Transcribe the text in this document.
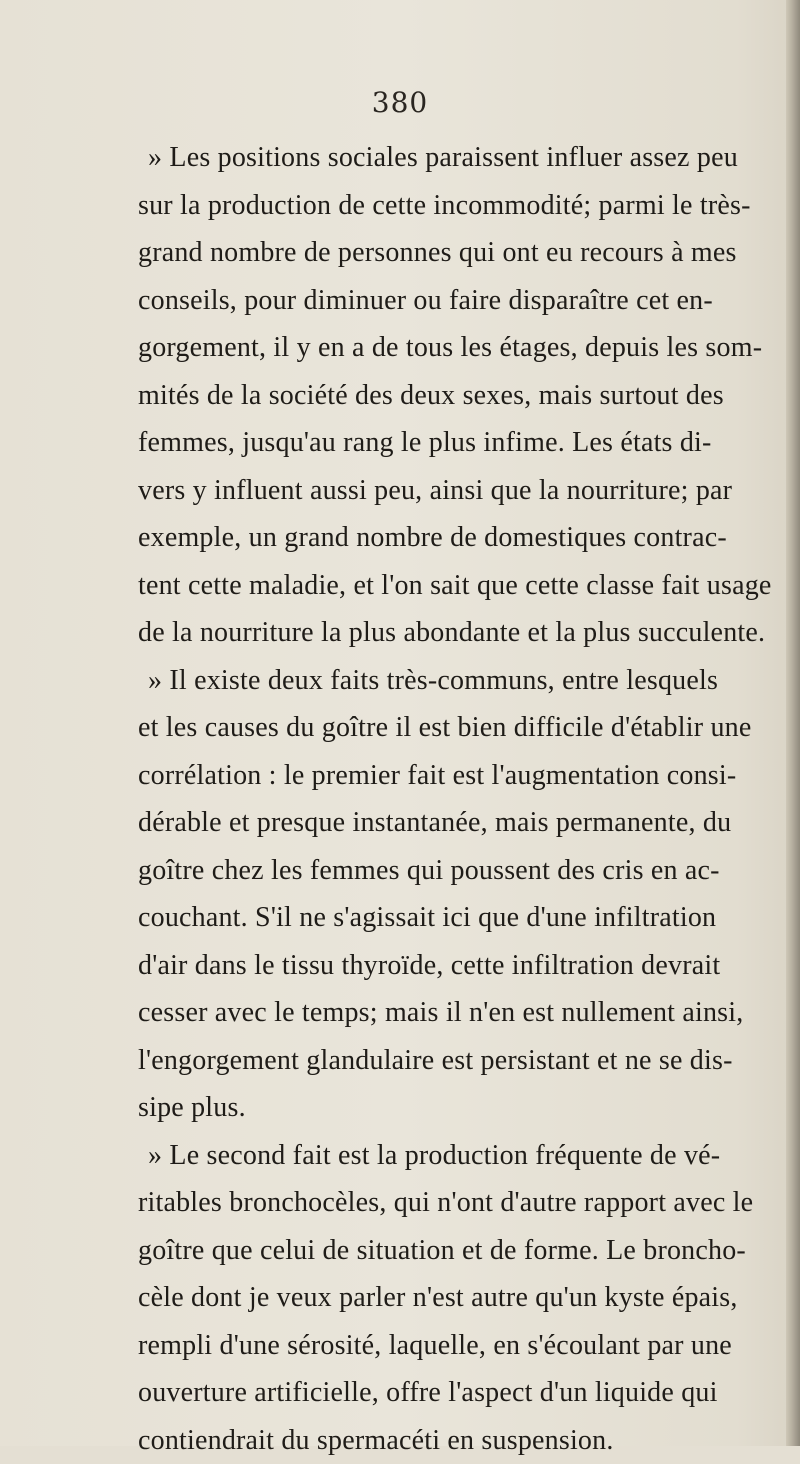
380
» Les positions sociales paraissent influer assez peu
sur la production de cette incommodité; parmi le très-
grand nombre de personnes qui ont eu recours à mes
conseils, pour diminuer ou faire disparaître cet en-
gorgement, il y en a de tous les étages, depuis les som-
mités de la société des deux sexes, mais surtout des
femmes, jusqu'au rang le plus infime. Les états di-
vers y influent aussi peu, ainsi que la nourriture; par
exemple, un grand nombre de domestiques contrac-
tent cette maladie, et l'on sait que cette classe fait usage
de la nourriture la plus abondante et la plus succulente.
» Il existe deux faits très-communs, entre lesquels
et les causes du goître il est bien difficile d'établir une
corrélation : le premier fait est l'augmentation consi-
dérable et presque instantanée, mais permanente, du
goître chez les femmes qui poussent des cris en ac-
couchant. S'il ne s'agissait ici que d'une infiltration
d'air dans le tissu thyroïde, cette infiltration devrait
cesser avec le temps; mais il n'en est nullement ainsi,
l'engorgement glandulaire est persistant et ne se dis-
sipe plus.
» Le second fait est la production fréquente de vé-
ritables bronchocèles, qui n'ont d'autre rapport avec le
goître que celui de situation et de forme. Le broncho-
cèle dont je veux parler n'est autre qu'un kyste épais,
rempli d'une sérosité, laquelle, en s'écoulant par une
ouverture artificielle, offre l'aspect d'un liquide qui
contiendrait du spermacéti en suspension.
